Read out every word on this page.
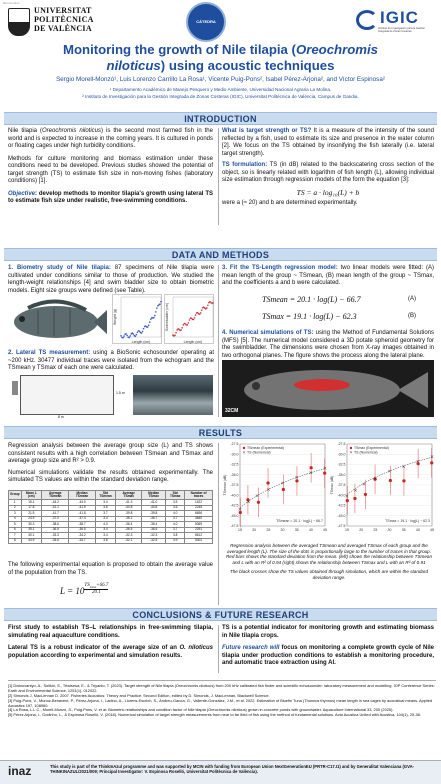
Bienvenidos
UNIVERSITAT
POLITÈCNICA
DE VALÈNCIA
CÁTEDRA	IGIC
Instituto de Investigación para la Gestión Integrada de Zonas Costeras
Monitoring the growth of Nile tilapia (Oreochromis
niloticus) using acoustic techniques
Sergio Morell-Monzó¹, Luis Lorenzo Carrillo La Rosa¹, Vicente Puig-Pons², Isabel Pérez-Arjona², and Víctor Espinosa²
¹ Departamento Académico de Manejo Pesquero y Medio Ambiente, Universidad Nacional Agraria La Molina.
² Instituto de Investigación para la Gestión Integrada de Zonas Costeras (IGIC), Universitat Politècnica de València, Campus de Gandia.
INTRODUCTION

Nile tilapia (Oreochromis niloticus) is the second most farmed fish in the world and is expected to increase in the coming years. It is cultured in ponds or floating cages under high turbidity conditions.

Methods for culture monitoring and biomass estimation under these conditions need to be developed. Previous studies showed the potential of target strength (TS) to estimate fish size in non-moving fishes (laboratory conditions) [1].

Objective: develop methods to monitor tilapia's growth using lateral TS to estimate fish size under realistic, free-swimming conditions.

What is target strength or TS? It is a measure of the intensity of the sound reflected by a fish, used to estimate its size and presence in the water column [2]. We focus on the TS obtained by insonifying the fish laterally (i.e. lateral target strength).

TS formulation: TS (in dB) related to the backscatering cross section of the object, so is linearly related with logarithm of fish length (L), allowing individual size estimation through regression models of the form the equation [3]:

TS = a · log₁₀(L) + b

were a (≈ 20) and b are determined experimentally.

DATA AND METHODS
1. Biometry study of Nile tilapia: 87 specimens of Nile tilapia were cultivated under conditions similar to those of production. We studied the length-weight relationships [4] and swim bladder size to obtain biometric models. Eight size groups were defined (see Table).
Length (cm)
Weight (g)
Length (cm)
Swimbladder (cm)
2. Lateral TS measurement: using a BioSonic echosounder operating at ~200 kHz. 30477 individual traces were isolated from the echogram and the TSmean y TSmax of each one were calculated.
8 m
1.5 m
3. Fit the TS-Length regression model: two linear models were fitted: (A) mean length of the group ~ TSmean, (B) mean length of the group ~ TSmax, and the coefficients a and b were calculated.
TSmean = 20.1 · log(L) − 66.7	(A)
TSmax = 19.1 · log(L) − 62.3	(B)
4. Numerical simulations of TS: using the Method of Fundamental Solutions (MFS) [5]. The numerical model considered a 3D potate spheroid geometry for the swimbladder. The dimensions were chosen from X-ray images obtained in two orthogonal planes. The figure shows the process along the lateral plane.
32CM
RESULTS

Regression analysis between the average group size (L) and TS shows consistent results with a high correlation between TSmean and TSmax and average group size and R² > 0.9.

Numerical simulations validate the results obtained experimentally. The simulated TS values are within the standard deviation range.

Group	Mean L (cm)	Average TSmean	Median TSmean	Std TSmean	Average TSmax	Median TSmax	Std TSmax	Number of traces
1	15.1	-44.2	-44.0	3.4	-41.3	-41.0	3.5	1422
2	17.8	-41.1	-41.5	3.6	-40.8	-40.8	3.6	2245
3	21.5	-41.7	-41.8	3.7	-39.8	-39.8	4.0	6696
4	24.9	-37.0	-37.4	3.4	-36.1	-36.7	3.7	3840
5	30.3	-38.6	-38.7	4.0	-36.4	-36.4	4.0	5069
6	35.1	-36.5	-36.5	3.4	-36.5	-36.5	3.7	2291
7	40.1	-33.3	-34.2	3.4	-32.3	-32.3	3.8	8612
8	44.9	-34.6	-34.7	3.8	-32.1	-32.5	3.9	5302
The following experimental equation is proposed to obtain the average value of the population from the TS.
L = 10
$^{TS_{mean}+66.7 20.1}$
-47.5
-45.0
-42.5
-40.0
-37.5
-35.0
-32.5
-30.0
-27.5
15	20	25	30	35	40	45
TSmean (dB)
TSmean (Experimental)
TS (Numerical)
TSmean = 20.1 · log(L) − 66.7
-47.5
-45.0
-42.5
-40.0
-37.5
-35.0
-32.5
-30.0
-27.5
15	20	25	30	35	40	45
TSmax (dB)
TSmax (Experimental)
TS (Numerical)
TSmax = 19.1 · log(L) − 62.3

Regression analysis between the averaged TSmean and averaged TSmax of each group and the averaged length (L). The size of the dots is proportionally large to the number of traces in that group. Red bars shows the standard deviation from the mean. (left) shows the relationship between TSmean and L with an R² of 0.94 (right) shows the relationship between TSmax and L with an R² of 0.91

The black crosses show the TS values obtained through simulation, which are within the standard deviation range.

CONCLUSIONS & FUTURE RESEARCH

First study to establish TS–L relationships in free-swimming tilapia, simulating real aquaculture conditions.

Lateral TS is a robust indicator of the average size of an O. niloticus population according to experimental and simulation results.

TS is a potential indicator for monitoring growth and estimating biomass in Nile tilapia crops.

Future research will focus on monitoring a complete growth cycle of Nile tilapia under production conditions to establish a monitoring procedure, and automatic trace extraction using AI.

[1] Dwinovantyo, A., Solikin, S., Triwisesa, E., & Triyanto, T. (2023). Target strength of Nile tilapia (Oreochromis niloticus) from 200 kHz calibrated fish finder and scientific echosounder: laboratory measurement and modelling. IOP Conference Series: Earth and Environmental Science, 1251(1), 012022.

[2] Simonds J, MacLennan D. 2007. Fisheries Acoustics: Theory and Practice. Second Edition, edited by D. Simonds, J. MacLennan, Blackwell Science.

[3] Puig-Pons, V., Munoz-Benavent, P., Pérez-Arjona, I., Ladino, A., Llorens-Escrich, S., Andreu-García, G., Valiente-González, J.M., et al. 2022. Estimation of Bluefin Tuna (Thunnus thynnus) mean length in sea cages by acoustical means. Applied Acoustics 197, 108960.

[4] La Rosa, L.L.C., Morell-Monzó, S., Puig-Pons, V. et al: Biometric relationships and condition factor of Nile tilapia (Oreochromis niloticus) grown in concrete ponds with groundwater. Aquaculture International 33, 200 (2025).

[5] Pérez Arjona, I., Godinho, L., & Espinosa Roselló, V. (2018). Numerical simulation of target strength measurements from near to far field of fish using the method of fundamental solutions. Acta Acustica United with Acustica, 104(1), 25-38.

inaz	This study is part of the ThinkInAzul programme and was supported by MCIN with funding from European Union NextGenerationEU (PRTR-C17.I1) and by Generalitat Valenciana (GVA-THINKINAZUL/2021/009; Principal Investigator: V. Espinosa Roselló, Universitat Politècnica de València).
